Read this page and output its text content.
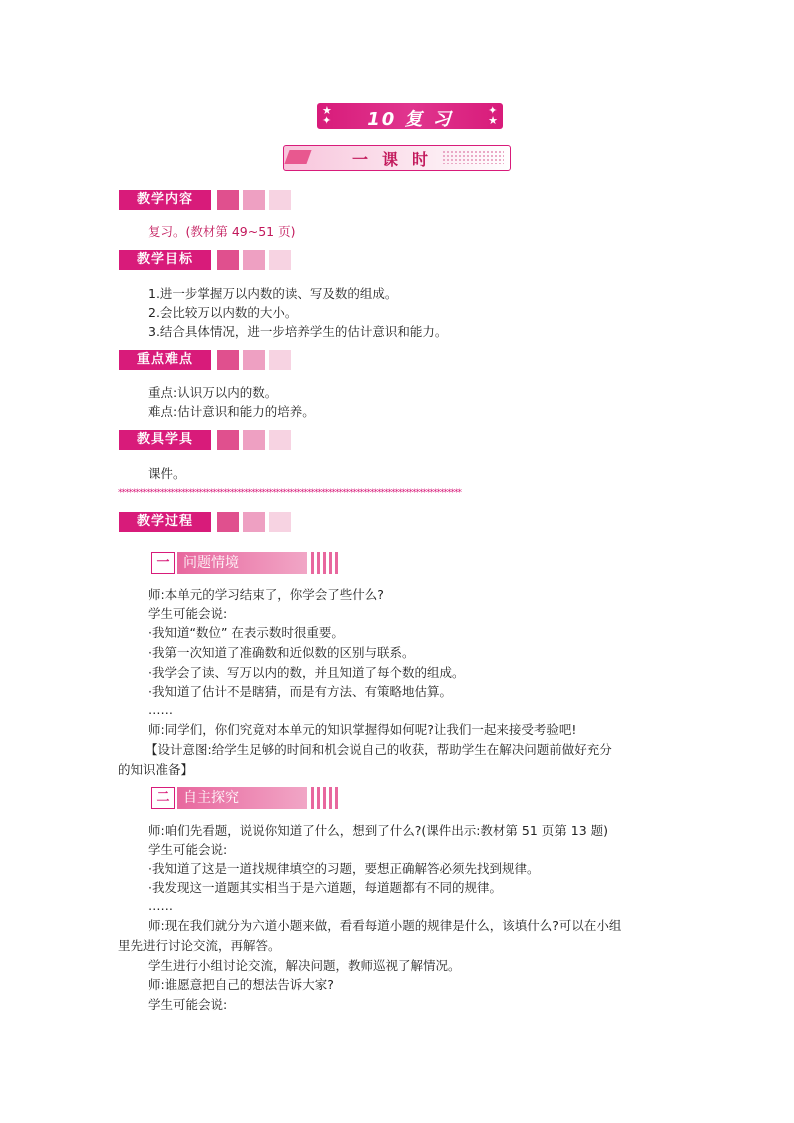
★
✦	10 复 习	✦
★
一课时
教学内容
复习。(教材第 49~51 页)
教学目标
1.进一步掌握万以内数的读、写及数的组成。
2.会比较万以内数的大小。
3.结合具体情况，进一步培养学生的估计意识和能力。
重点难点
重点:认识万以内的数。
难点:估计意识和能力的培养。
教具学具
课件。
**************************************************************************************************
教学过程
一 问题情境
师:本单元的学习结束了，你学会了些什么?
学生可能会说:
·我知道“数位” 在表示数时很重要。
·我第一次知道了准确数和近似数的区别与联系。
·我学会了读、写万以内的数，并且知道了每个数的组成。
·我知道了估计不是瞎猜，而是有方法、有策略地估算。
……
师:同学们，你们究竟对本单元的知识掌握得如何呢?让我们一起来接受考验吧!
【设计意图:给学生足够的时间和机会说自己的收获，帮助学生在解决问题前做好充分
的知识准备】
二 自主探究
师:咱们先看题，说说你知道了什么，想到了什么?(课件出示:教材第 51 页第 13 题)
学生可能会说:
·我知道了这是一道找规律填空的习题，要想正确解答必须先找到规律。
·我发现这一道题其实相当于是六道题，每道题都有不同的规律。
……
师:现在我们就分为六道小题来做，看看每道小题的规律是什么，该填什么?可以在小组
里先进行讨论交流，再解答。
学生进行小组讨论交流，解决问题，教师巡视了解情况。
师:谁愿意把自己的想法告诉大家?
学生可能会说:
